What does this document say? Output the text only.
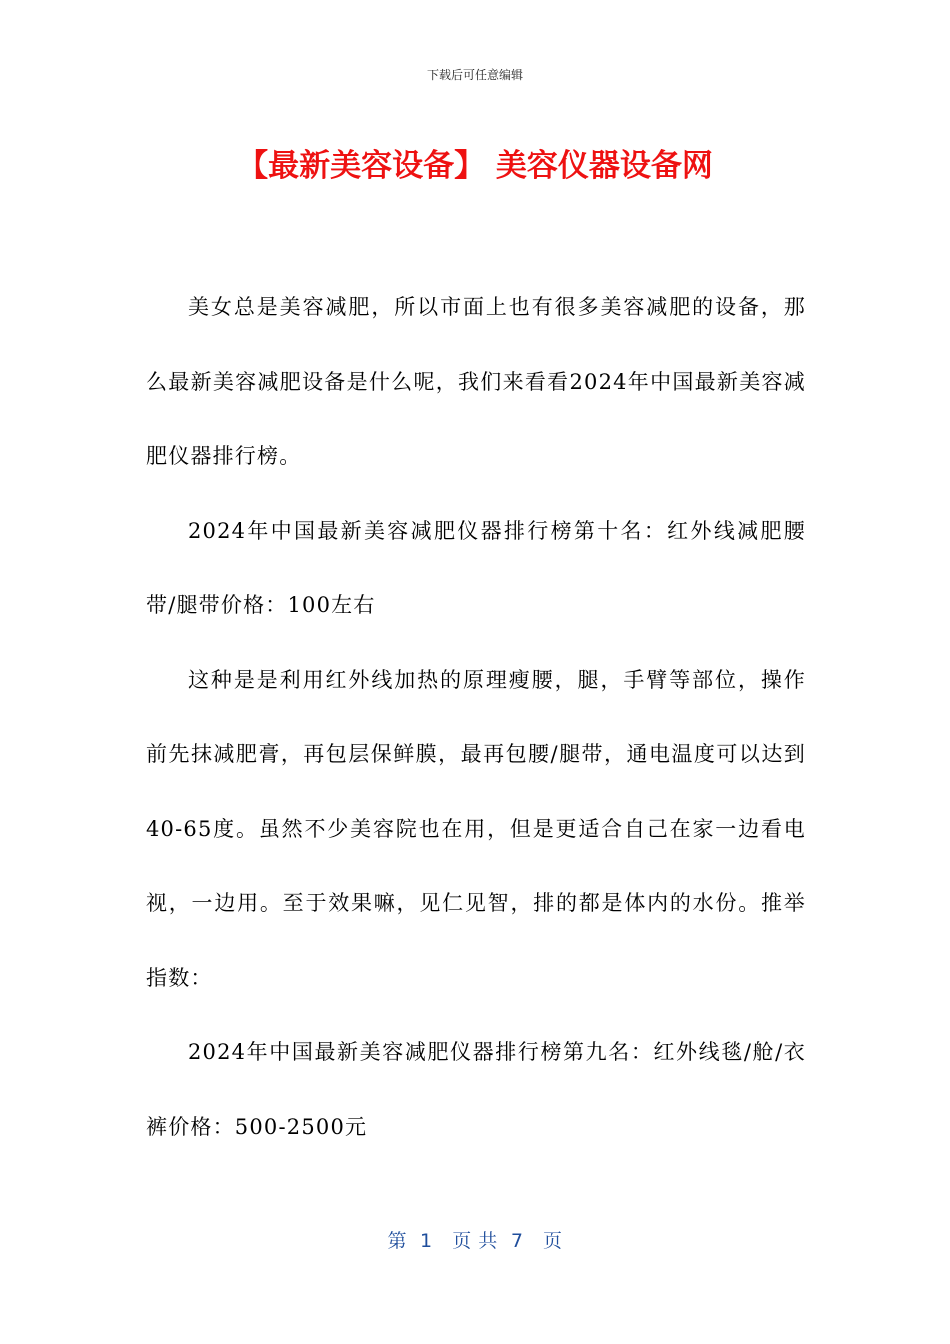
下载后可任意编辑
【最新美容设备】 美容仪器设备网

美女总是美容减肥，所以市面上也有很多美容减肥的设备，那么最新美容减肥设备是什么呢，我们来看看2024年中国最新美容减肥仪器排行榜。

2024年中国最新美容减肥仪器排行榜第十名：红外线减肥腰带/腿带价格：100左右

这种是是利用红外线加热的原理瘦腰，腿，手臂等部位，操作前先抹减肥膏，再包层保鲜膜，最再包腰/腿带，通电温度可以达到40-65度。虽然不少美容院也在用，但是更适合自己在家一边看电视，一边用。至于效果嘛，见仁见智，排的都是体内的水份。推举指数：

2024年中国最新美容减肥仪器排行榜第九名：红外线毯/舱/衣裤价格：500-2500元

第  1   页 共  7   页
